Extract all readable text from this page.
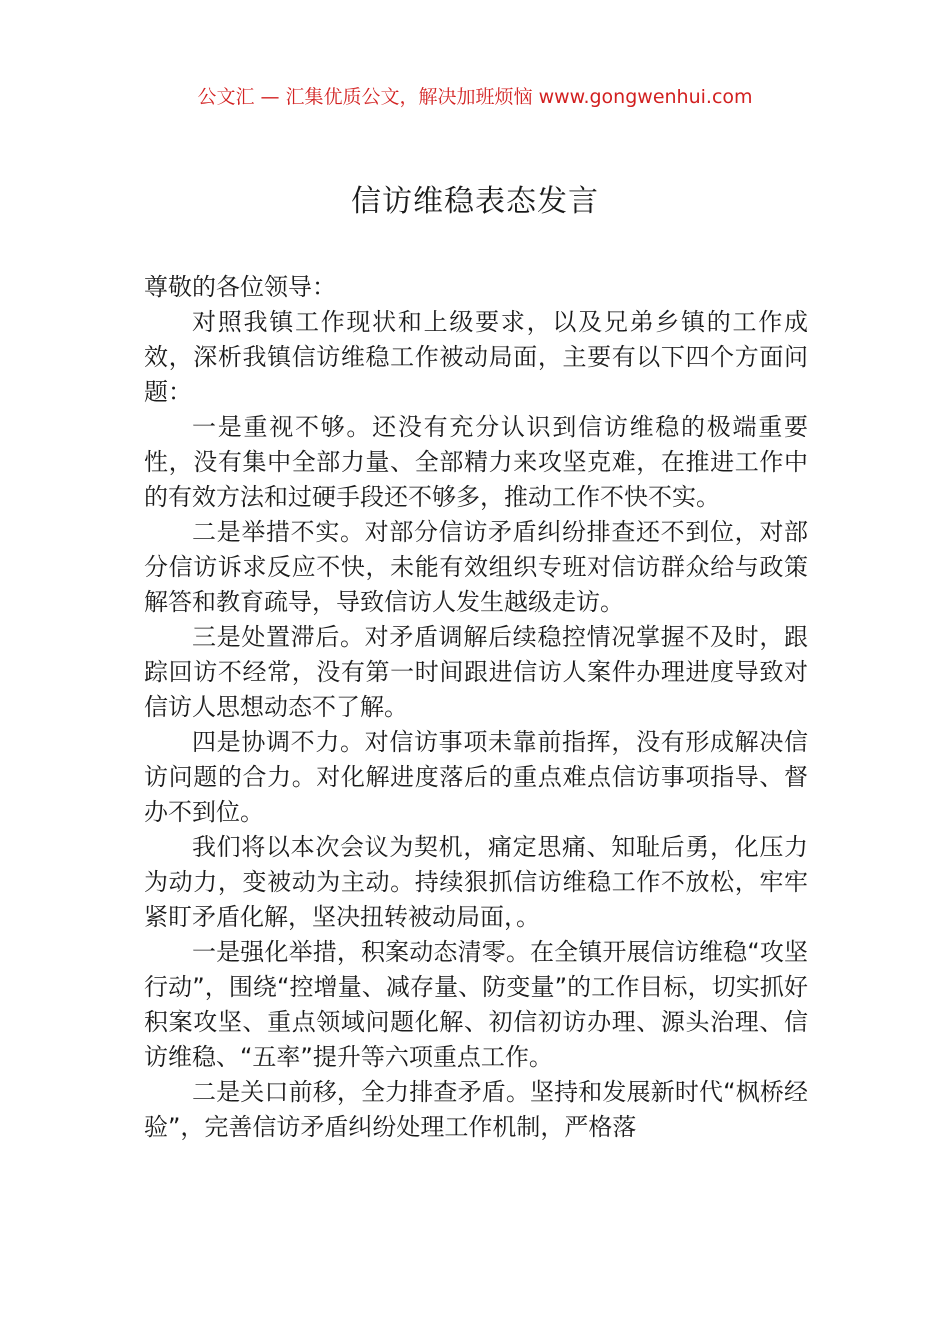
公文汇 — 汇集优质公文，解决加班烦恼 www.gongwenhui.com
信访维稳表态发言

尊敬的各位领导：

对照我镇工作现状和上级要求，以及兄弟乡镇的工作成效，深析我镇信访维稳工作被动局面，主要有以下四个方面问题：

一是重视不够。还没有充分认识到信访维稳的极端重要性，没有集中全部力量、全部精力来攻坚克难，在推进工作中的有效方法和过硬手段还不够多，推动工作不快不实。

二是举措不实。对部分信访矛盾纠纷排查还不到位，对部分信访诉求反应不快，未能有效组织专班对信访群众给与政策解答和教育疏导，导致信访人发生越级走访。

三是处置滞后。对矛盾调解后续稳控情况掌握不及时，跟踪回访不经常，没有第一时间跟进信访人案件办理进度导致对信访人思想动态不了解。

四是协调不力。对信访事项未靠前指挥，没有形成解决信访问题的合力。对化解进度落后的重点难点信访事项指导、督办不到位。

我们将以本次会议为契机，痛定思痛、知耻后勇，化压力为动力，变被动为主动。持续狠抓信访维稳工作不放松，牢牢紧盯矛盾化解，坚决扭转被动局面，。

一是强化举措，积案动态清零。在全镇开展信访维稳“攻坚行动”，围绕“控增量、减存量、防变量”的工作目标，切实抓好积案攻坚、重点领域问题化解、初信初访办理、源头治理、信访维稳、“五率”提升等六项重点工作。

二是关口前移，全力排查矛盾。坚持和发展新时代“枫桥经验”，完善信访矛盾纠纷处理工作机制，严格落
